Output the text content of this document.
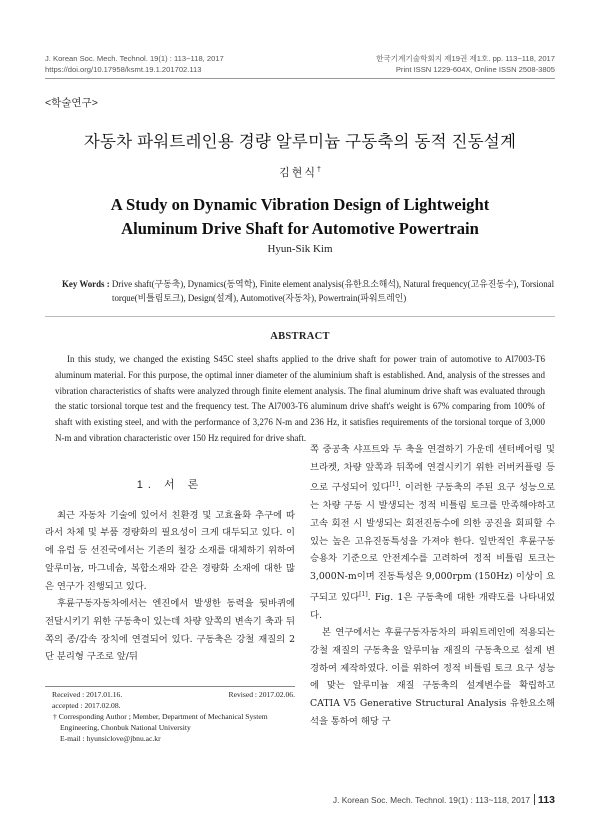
J. Korean Soc. Mech. Technol. 19(1) : 113~118, 2017
https://doi.org/10.17958/ksmt.19.1.201702.113
한국기계기술학회지 제19권 제1호. pp. 113~118, 2017
Print ISSN 1229-604X, Online ISSN 2508-3805
<학술연구>
자동차 파워트레인용 경량 알루미늄 구동축의 동적 진동설계
김현식†
A Study on Dynamic Vibration Design of Lightweight
Aluminum Drive Shaft for Automotive Powertrain
Hyun-Sik Kim
Key Words : Drive shaft(구동축), Dynamics(동역학), Finite element analysis(유한요소해석), Natural frequency(고유진동수), Torsional torque(비틀림토크), Design(설계), Automotive(자동차), Powertrain(파워트레인)
ABSTRACT
In this study, we changed the existing S45C steel shafts applied to the drive shaft for power train of automotive to Al7003-T6 aluminum material. For this purpose, the optimal inner diameter of the aluminium shaft is established. And, analysis of the stresses and vibration characteristics of shafts were analyzed through finite element analysis. The final aluminum drive shaft was evaluated through the static torsional torque test and the frequency test. The Al7003-T6 aluminum drive shaft's weight is 67% comparing from 100% of shaft with existing steel, and with the performance of 3,276 N-m and 236 Hz, it satisfies requirements of the torsional torque of 3,000 N-m and vibration characteristic over 150 Hz required for drive shaft.
1. 서 론

최근 자동차 기술에 있어서 친환경 및 고효율화 추구에 따라서 차체 및 부품 경량화의 필요성이 크게 대두되고 있다. 이에 유럽 등 선진국에서는 기존의 철강 소재를 대체하기 위하여 알루미늄, 마그네슘, 복합소재와 같은 경량화 소재에 대한 많은 연구가 진행되고 있다.

후륜구동자동차에서는 엔진에서 발생한 동력을 뒷바퀴에 전달시키기 위한 구동축이 있는데 차량 앞쪽의 변속기 축과 뒤쪽의 종/감속 장치에 연결되어 있다. 구동축은 강철 재질의 2단 분리형 구조로 앞/뒤

쪽 중공축 샤프트와 두 축을 연결하기 가운데 센터베어링 및 브라켓, 차량 앞쪽과 뒤쪽에 연결시키기 위한 러버커플링 등으로 구성되어 있다[1]. 이러한 구동축의 주된 요구 성능으로는 차량 구동 시 발생되는 정적 비틀림 토크를 만족해야하고 고속 회전 시 발생되는 회전진동수에 의한 공진을 회피할 수 있는 높은 고유진동특성을 가져야 한다. 일반적인 후륜구동 승용차 기준으로 안전계수를 고려하여 정적 비틀림 토크는 3,000N-m이며 진동특성은 9,000rpm (150Hz) 이상이 요구되고 있다[1]. Fig. 1은 구동축에 대한 개략도를 나타내었다.

본 연구에서는 후륜구동자동차의 파워트레인에 적용되는 강철 재질의 구동축을 알루미늄 재질의 구동축으로 설계 변경하여 제작하였다. 이를 위하여 정적 비틀림 토크 요구 성능에 맞는 알루미늄 재질 구동축의 설계변수를 확립하고 CATIA V5 Generative Structural Analysis 유한요소해석을 통하여 해당 구

Received : 2017.01.16.	Revised : 2017.02.06.
accepted : 2017.02.08.
† Corresponding Author ; Member, Department of Mechanical System Engineering, Chonbuk National University
E-mail : hyunsiclove@jbnu.ac.kr
J. Korean Soc. Mech. Technol. 19(1) : 113~118, 2017 113
